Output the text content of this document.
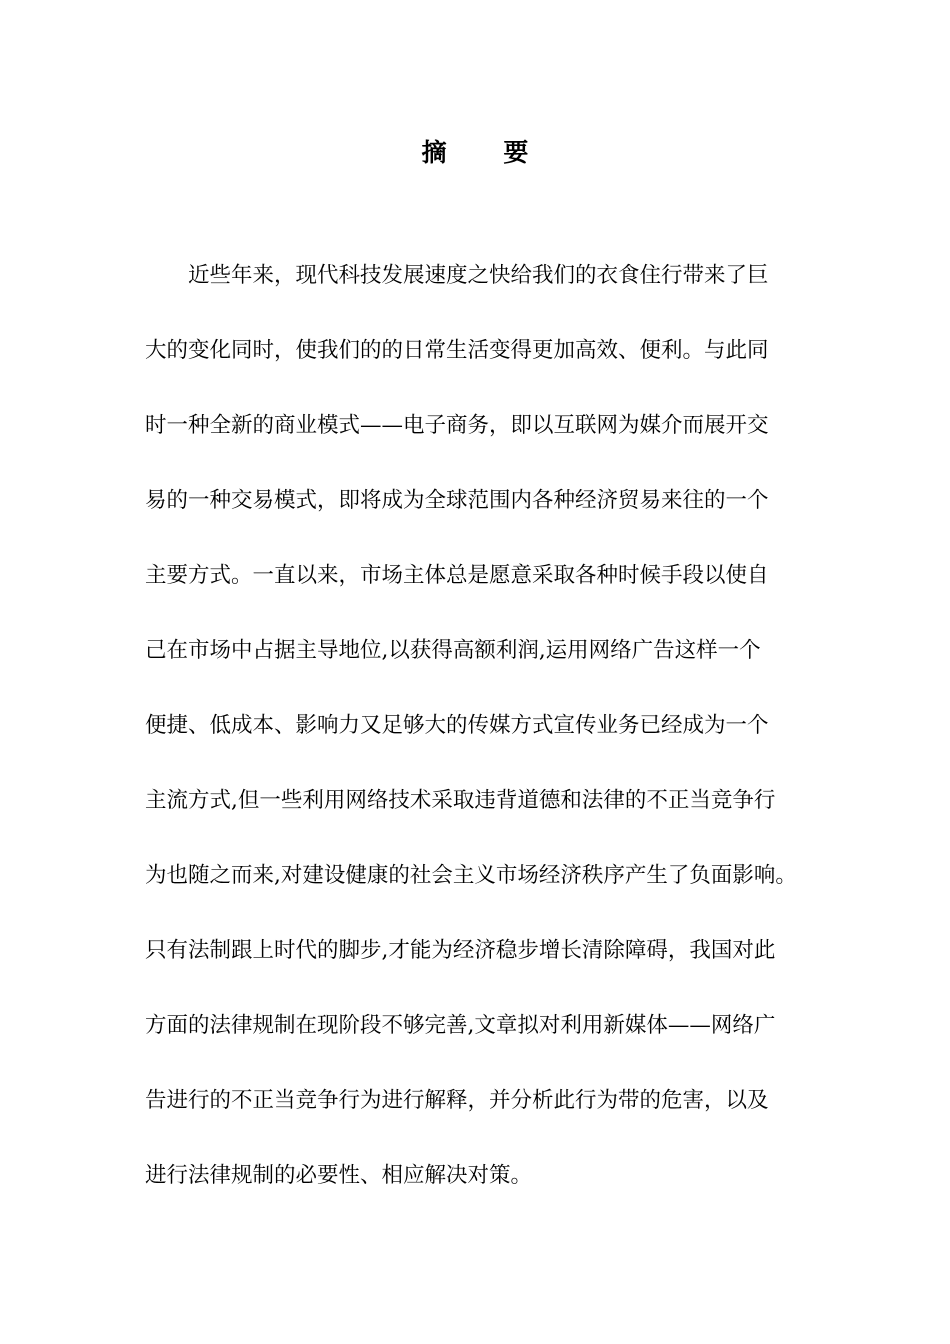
摘 要
近些年来，现代科技发展速度之快给我们的衣食住行带来了巨
大的变化同时，使我们的的日常生活变得更加高效、便利。与此同
时一种全新的商业模式——电子商务，即以互联网为媒介而展开交
易的一种交易模式，即将成为全球范围内各种经济贸易来往的一个
主要方式。一直以来，市场主体总是愿意采取各种时候手段以使自
己在市场中占据主导地位,以获得高额利润,运用网络广告这样一个
便捷、低成本、影响力又足够大的传媒方式宣传业务已经成为一个
主流方式,但一些利用网络技术采取违背道德和法律的不正当竞争行
为也随之而来,对建设健康的社会主义市场经济秩序产生了负面影响。
只有法制跟上时代的脚步,才能为经济稳步增长清除障碍，我国对此
方面的法律规制在现阶段不够完善,文章拟对利用新媒体——网络广
告进行的不正当竞争行为进行解释，并分析此行为带的危害，以及
进行法律规制的必要性、相应解决对策。
